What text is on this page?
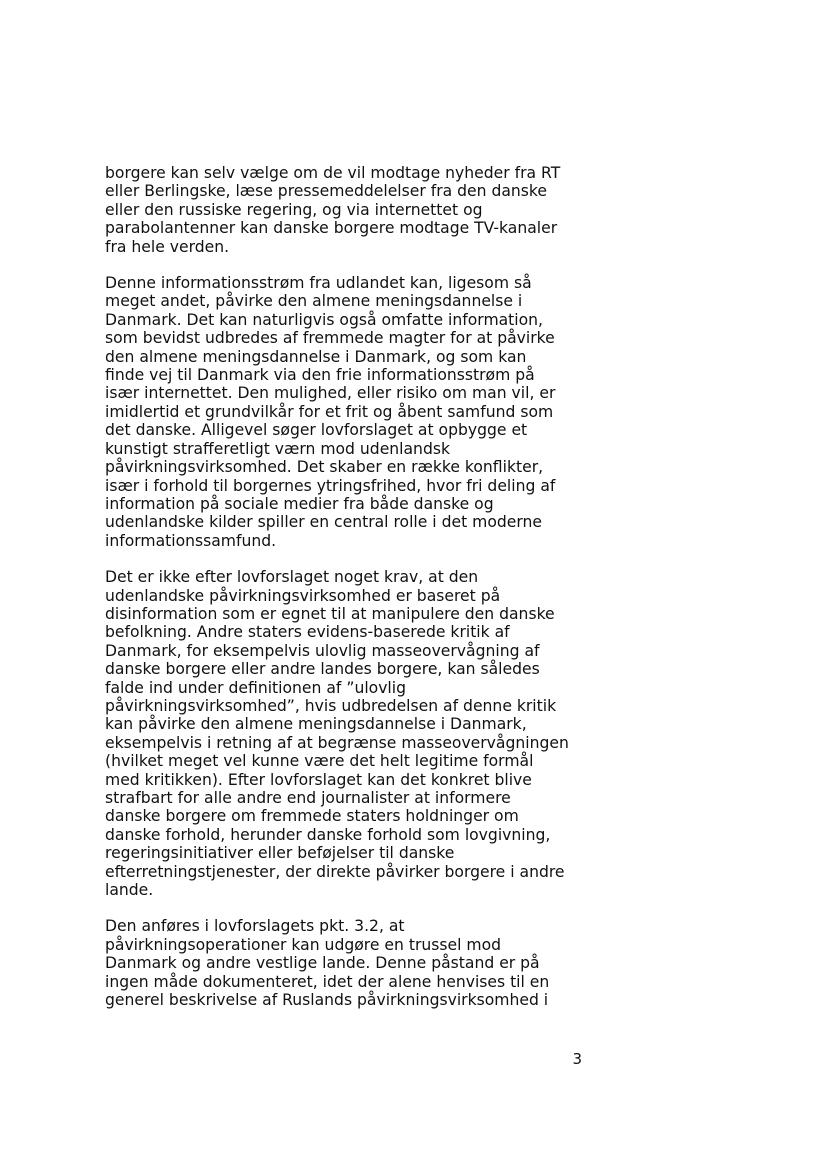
borgere kan selv vælge om de vil modtage nyheder fra RT
eller Berlingske, læse pressemeddelelser fra den danske
eller den russiske regering, og via internettet og
parabolantenner kan danske borgere modtage TV-kanaler
fra hele verden.

Denne informationsstrøm fra udlandet kan, ligesom så
meget andet, påvirke den almene meningsdannelse i
Danmark. Det kan naturligvis også omfatte information,
som bevidst udbredes af fremmede magter for at påvirke
den almene meningsdannelse i Danmark, og som kan
finde vej til Danmark via den frie informationsstrøm på
især internettet. Den mulighed, eller risiko om man vil, er
imidlertid et grundvilkår for et frit og åbent samfund som
det danske. Alligevel søger lovforslaget at opbygge et
kunstigt strafferetligt værn mod udenlandsk
påvirkningsvirksomhed. Det skaber en række konflikter,
især i forhold til borgernes ytringsfrihed, hvor fri deling af
information på sociale medier fra både danske og
udenlandske kilder spiller en central rolle i det moderne
informationssamfund.

Det er ikke efter lovforslaget noget krav, at den
udenlandske påvirkningsvirksomhed er baseret på
disinformation som er egnet til at manipulere den danske
befolkning. Andre staters evidens-baserede kritik af
Danmark, for eksempelvis ulovlig masseovervågning af
danske borgere eller andre landes borgere, kan således
falde ind under definitionen af ”ulovlig
påvirkningsvirksomhed”, hvis udbredelsen af denne kritik
kan påvirke den almene meningsdannelse i Danmark,
eksempelvis i retning af at begrænse masseovervågningen
(hvilket meget vel kunne være det helt legitime formål
med kritikken). Efter lovforslaget kan det konkret blive
strafbart for alle andre end journalister at informere
danske borgere om fremmede staters holdninger om
danske forhold, herunder danske forhold som lovgivning,
regeringsinitiativer eller beføjelser til danske
efterretningstjenester, der direkte påvirker borgere i andre
lande.

Den anføres i lovforslagets pkt. 3.2, at
påvirkningsoperationer kan udgøre en trussel mod
Danmark og andre vestlige lande. Denne påstand er på
ingen måde dokumenteret, idet der alene henvises til en
generel beskrivelse af Ruslands påvirkningsvirksomhed i

3
